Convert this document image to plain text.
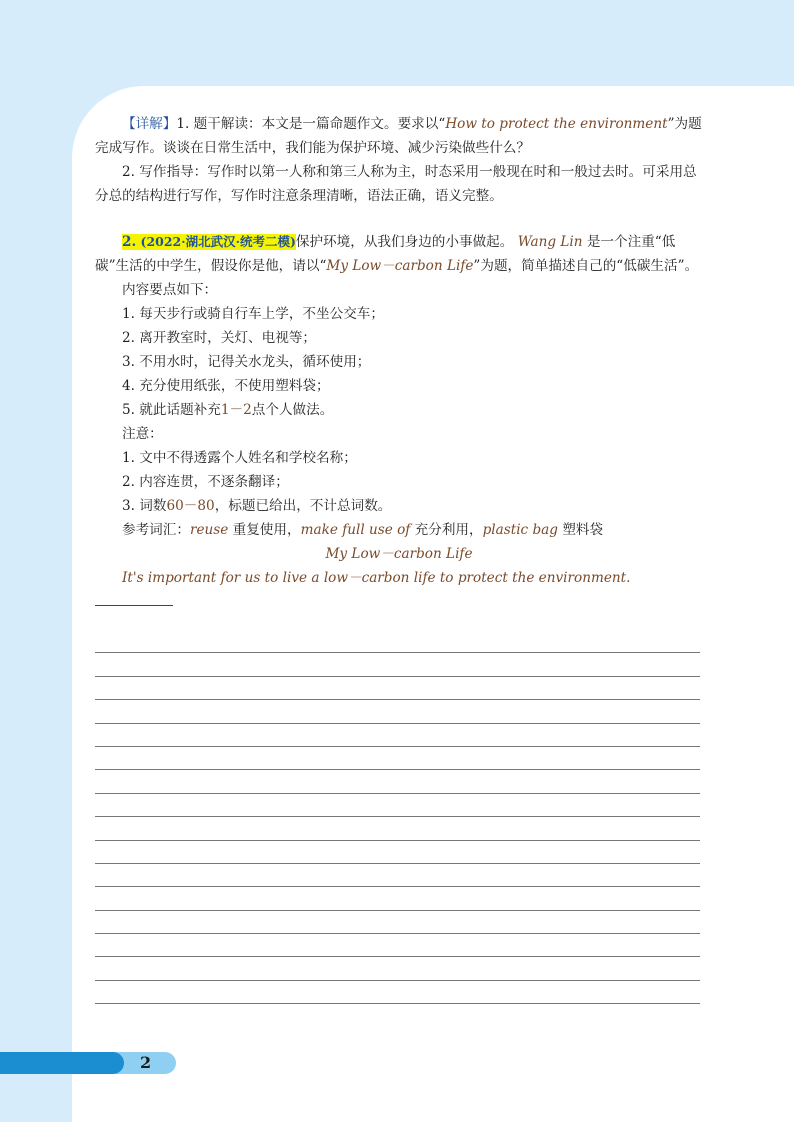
【详解】1. 题干解读：本文是一篇命题作文。要求以“How to protect the environment”为题完成写作。谈谈在日常生活中，我们能为保护环境、减少污染做些什么？

2. 写作指导：写作时以第一人称和第三人称为主，时态采用一般现在时和一般过去时。可采用总分总的结构进行写作，写作时注意条理清晰，语法正确，语义完整。

2. (2022·湖北武汉·统考二模)保护环境，从我们身边的小事做起。 Wang Lin 是一个注重“低碳”生活的中学生，假设你是他，请以“My Low－carbon Life”为题，简单描述自己的“低碳生活”。

内容要点如下：

1. 每天步行或骑自行车上学，不坐公交车；

2. 离开教室时，关灯、电视等；

3. 不用水时，记得关水龙头，循环使用；

4. 充分使用纸张，不使用塑料袋；

5. 就此话题补充1－2点个人做法。

注意：

1. 文中不得透露个人姓名和学校名称；

2. 内容连贯，不逐条翻译；

3. 词数60－80，标题已给出，不计总词数。

参考词汇：reuse 重复使用，make full use of 充分利用，plastic bag 塑料袋

My Low－carbon Life

It's important for us to live a low－carbon life to protect the environment.

2
